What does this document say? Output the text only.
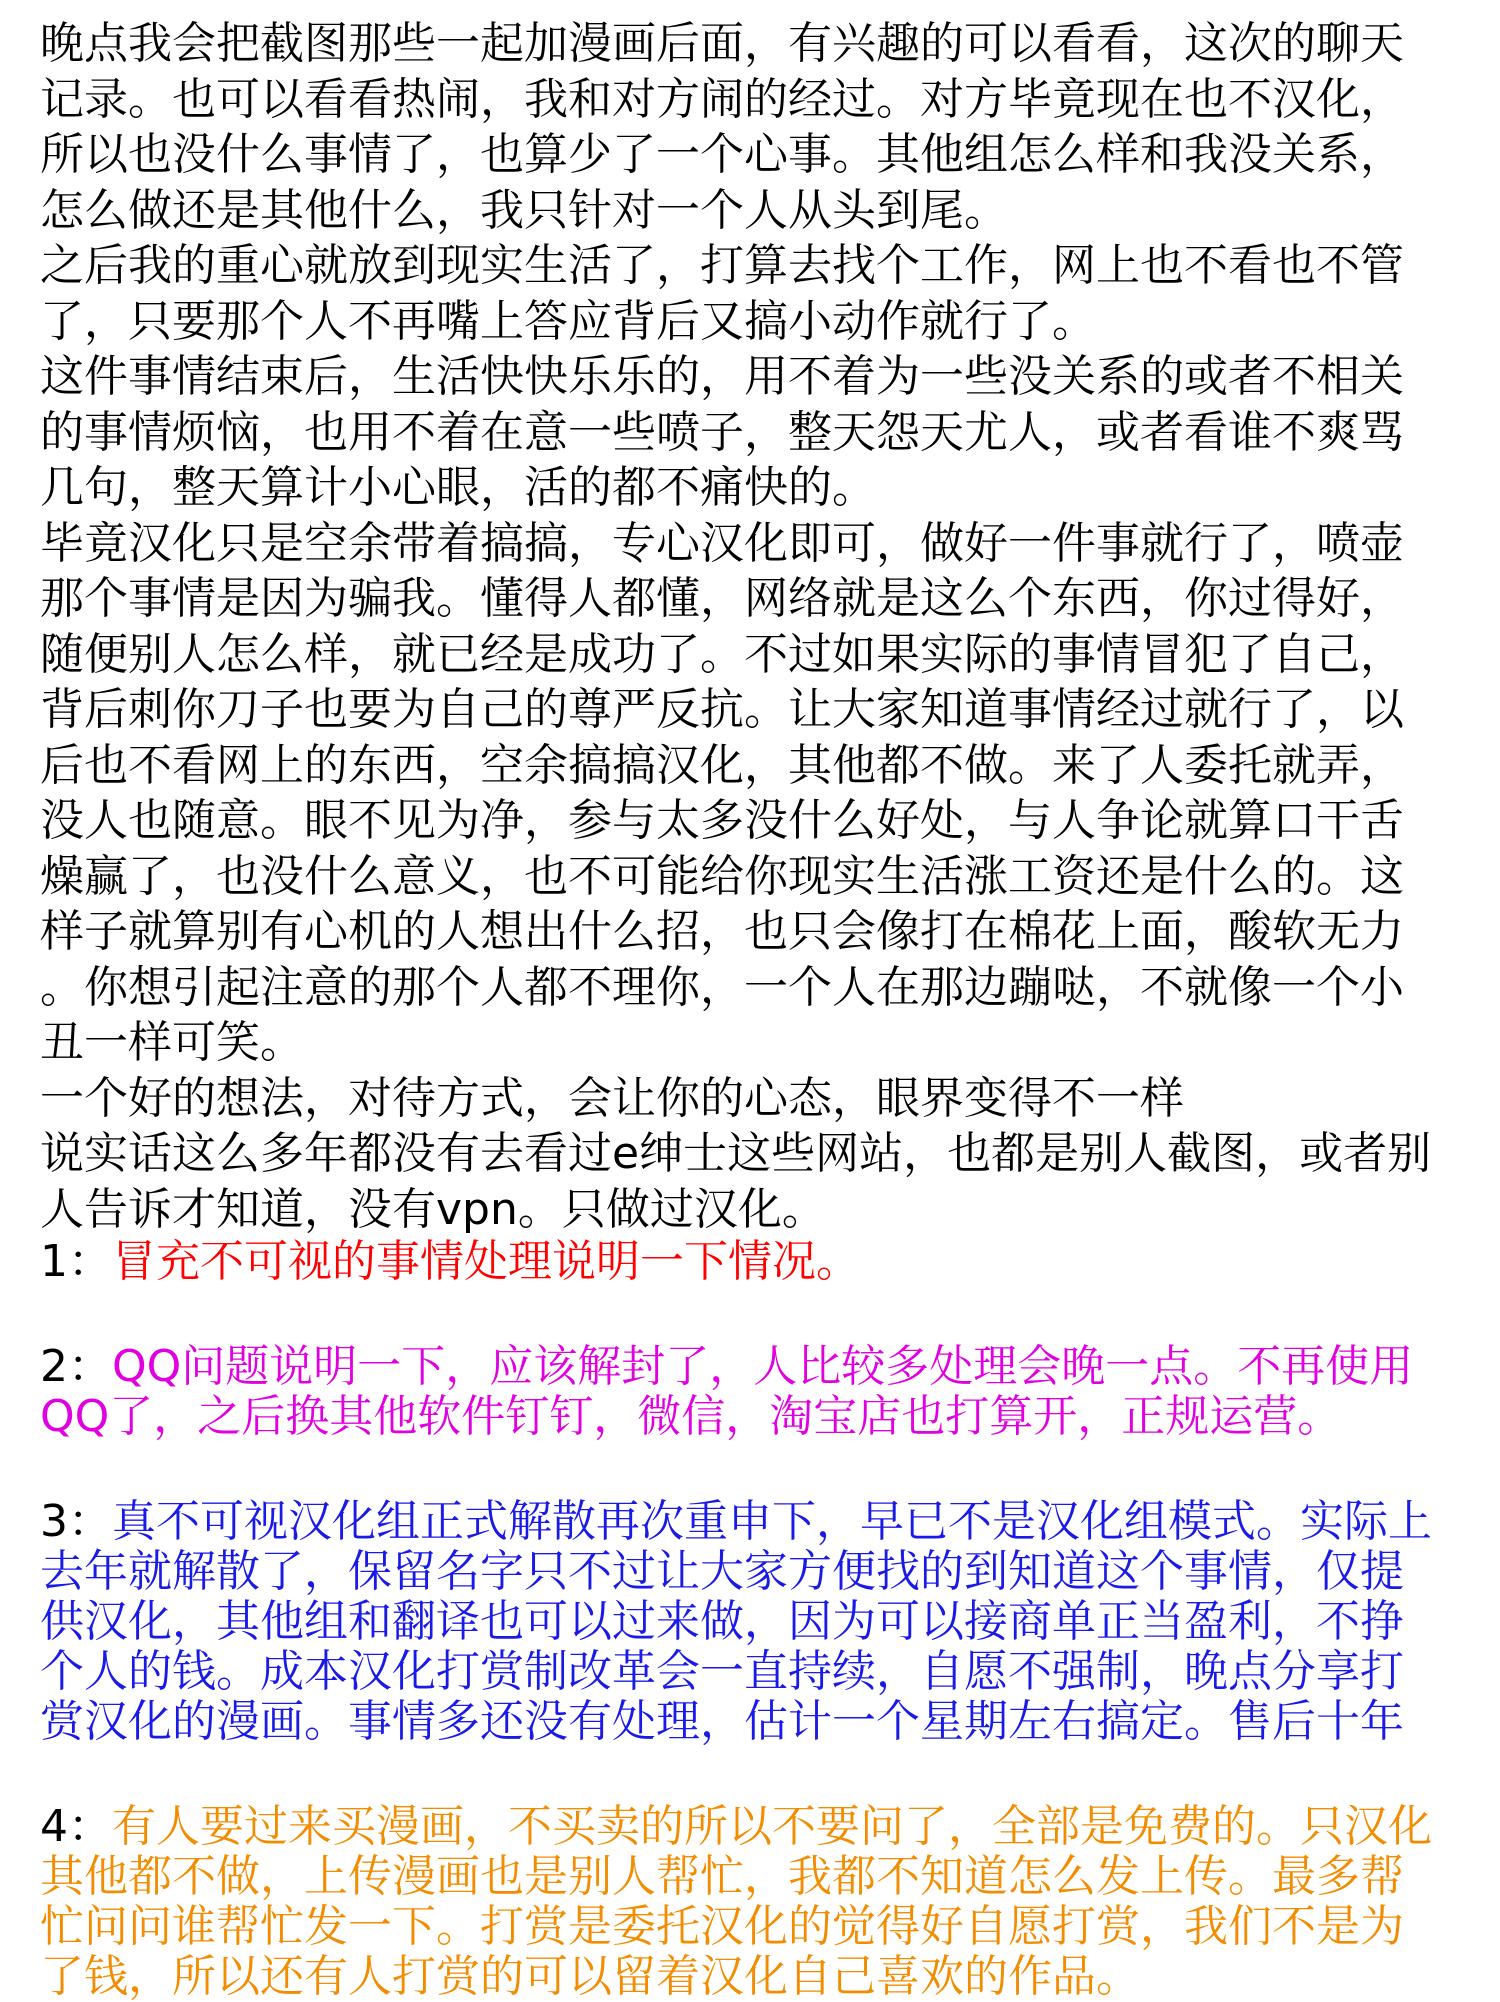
晚点我会把截图那些一起加漫画后面，有兴趣的可以看看，这次的聊天
记录。也可以看看热闹，我和对方闹的经过。对方毕竟现在也不汉化，
所以也没什么事情了，也算少了一个心事。其他组怎么样和我没关系，
怎么做还是其他什么，我只针对一个人从头到尾。
之后我的重心就放到现实生活了，打算去找个工作，网上也不看也不管
了，只要那个人不再嘴上答应背后又搞小动作就行了。
这件事情结束后，生活快快乐乐的，用不着为一些没关系的或者不相关
的事情烦恼，也用不着在意一些喷子，整天怨天尤人，或者看谁不爽骂
几句，整天算计小心眼，活的都不痛快的。
毕竟汉化只是空余带着搞搞，专心汉化即可，做好一件事就行了，喷壶
那个事情是因为骗我。懂得人都懂，网络就是这么个东西，你过得好，
随便别人怎么样，就已经是成功了。不过如果实际的事情冒犯了自己，
背后刺你刀子也要为自己的尊严反抗。让大家知道事情经过就行了，以
后也不看网上的东西，空余搞搞汉化，其他都不做。来了人委托就弄，
没人也随意。眼不见为净，参与太多没什么好处，与人争论就算口干舌
燥赢了，也没什么意义，也不可能给你现实生活涨工资还是什么的。这
样子就算别有心机的人想出什么招，也只会像打在棉花上面，酸软无力
。你想引起注意的那个人都不理你，一个人在那边蹦哒，不就像一个小
丑一样可笑。
一个好的想法，对待方式，会让你的心态，眼界变得不一样
说实话这么多年都没有去看过e绅士这些网站，也都是别人截图，或者别
人告诉才知道，没有vpn。只做过汉化。
1：冒充不可视的事情处理说明一下情况。
2：QQ问题说明一下，应该解封了，人比较多处理会晚一点。不再使用
QQ了，之后换其他软件钉钉，微信，淘宝店也打算开，正规运营。
3：真不可视汉化组正式解散再次重申下，早已不是汉化组模式。实际上
去年就解散了，保留名字只不过让大家方便找的到知道这个事情，仅提
供汉化，其他组和翻译也可以过来做，因为可以接商单正当盈利，不挣
个人的钱。成本汉化打赏制改革会一直持续，自愿不强制，晚点分享打
赏汉化的漫画。事情多还没有处理，估计一个星期左右搞定。售后十年
4：有人要过来买漫画，不买卖的所以不要问了，全部是免费的。只汉化
其他都不做，上传漫画也是别人帮忙，我都不知道怎么发上传。最多帮
忙问问谁帮忙发一下。打赏是委托汉化的觉得好自愿打赏，我们不是为
了钱，所以还有人打赏的可以留着汉化自己喜欢的作品。
